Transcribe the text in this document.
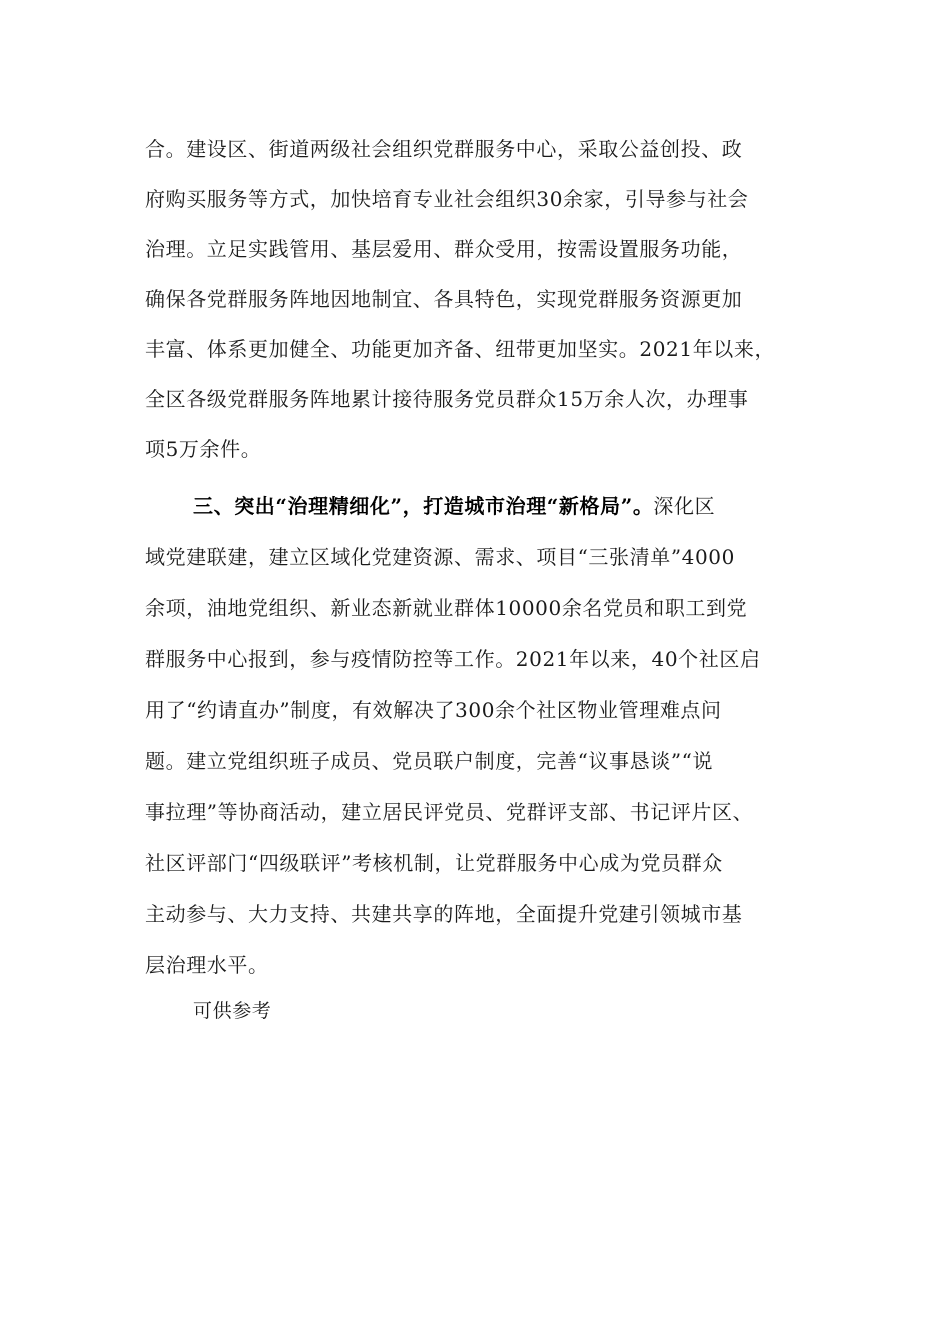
合。建设区、街道两级社会组织党群服务中心，采取公益创投、政
府购买服务等方式，加快培育专业社会组织30余家，引导参与社会
治理。立足实践管用、基层爱用、群众受用，按需设置服务功能，
确保各党群服务阵地因地制宜、各具特色，实现党群服务资源更加
丰富、体系更加健全、功能更加齐备、纽带更加坚实。2021年以来，
全区各级党群服务阵地累计接待服务党员群众15万余人次，办理事
项5万余件。
三、突出“治理精细化”，打造城市治理“新格局”。深化区
域党建联建，建立区域化党建资源、需求、项目“三张清单”4000
余项，油地党组织、新业态新就业群体10000余名党员和职工到党
群服务中心报到，参与疫情防控等工作。2021年以来，40个社区启
用了“约请直办”制度，有效解决了300余个社区物业管理难点问
题。建立党组织班子成员、党员联户制度，完善“议事恳谈”“说
事拉理”等协商活动，建立居民评党员、党群评支部、书记评片区、
社区评部门“四级联评”考核机制，让党群服务中心成为党员群众
主动参与、大力支持、共建共享的阵地，全面提升党建引领城市基
层治理水平。
可供参考
